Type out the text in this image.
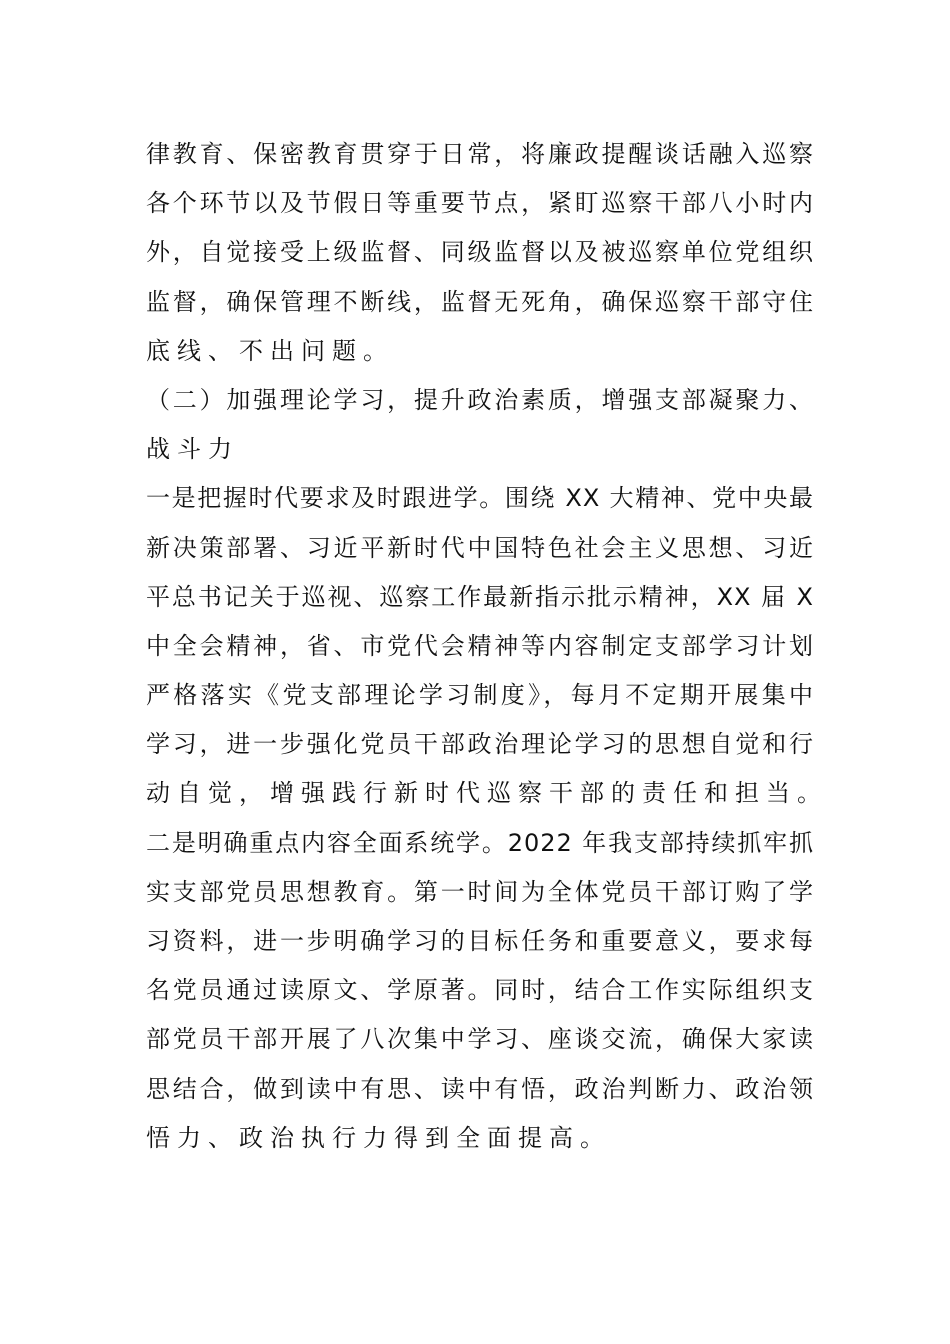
律教育、保密教育贯穿于日常，将廉政提醒谈话融入巡察
各个环节以及节假日等重要节点，紧盯巡察干部八小时内
外，自觉接受上级监督、同级监督以及被巡察单位党组织
监督，确保管理不断线，监督无死角，确保巡察干部守住
底线、不出问题。
（二）加强理论学习，提升政治素质，增强支部凝聚力、
战斗力
一是把握时代要求及时跟进学。围绕 XX 大精神、党中央最
新决策部署、习近平新时代中国特色社会主义思想、习近
平总书记关于巡视、巡察工作最新指示批示精神，XX 届 X
中全会精神，省、市党代会精神等内容制定支部学习计划
严格落实《党支部理论学习制度》，每月不定期开展集中
学习，进一步强化党员干部政治理论学习的思想自觉和行
动自觉，增强践行新时代巡察干部的责任和担当。
二是明确重点内容全面系统学。2022 年我支部持续抓牢抓
实支部党员思想教育。第一时间为全体党员干部订购了学
习资料，进一步明确学习的目标任务和重要意义，要求每
名党员通过读原文、学原著。同时，结合工作实际组织支
部党员干部开展了八次集中学习、座谈交流，确保大家读
思结合，做到读中有思、读中有悟，政治判断力、政治领
悟力、政治执行力得到全面提高。
